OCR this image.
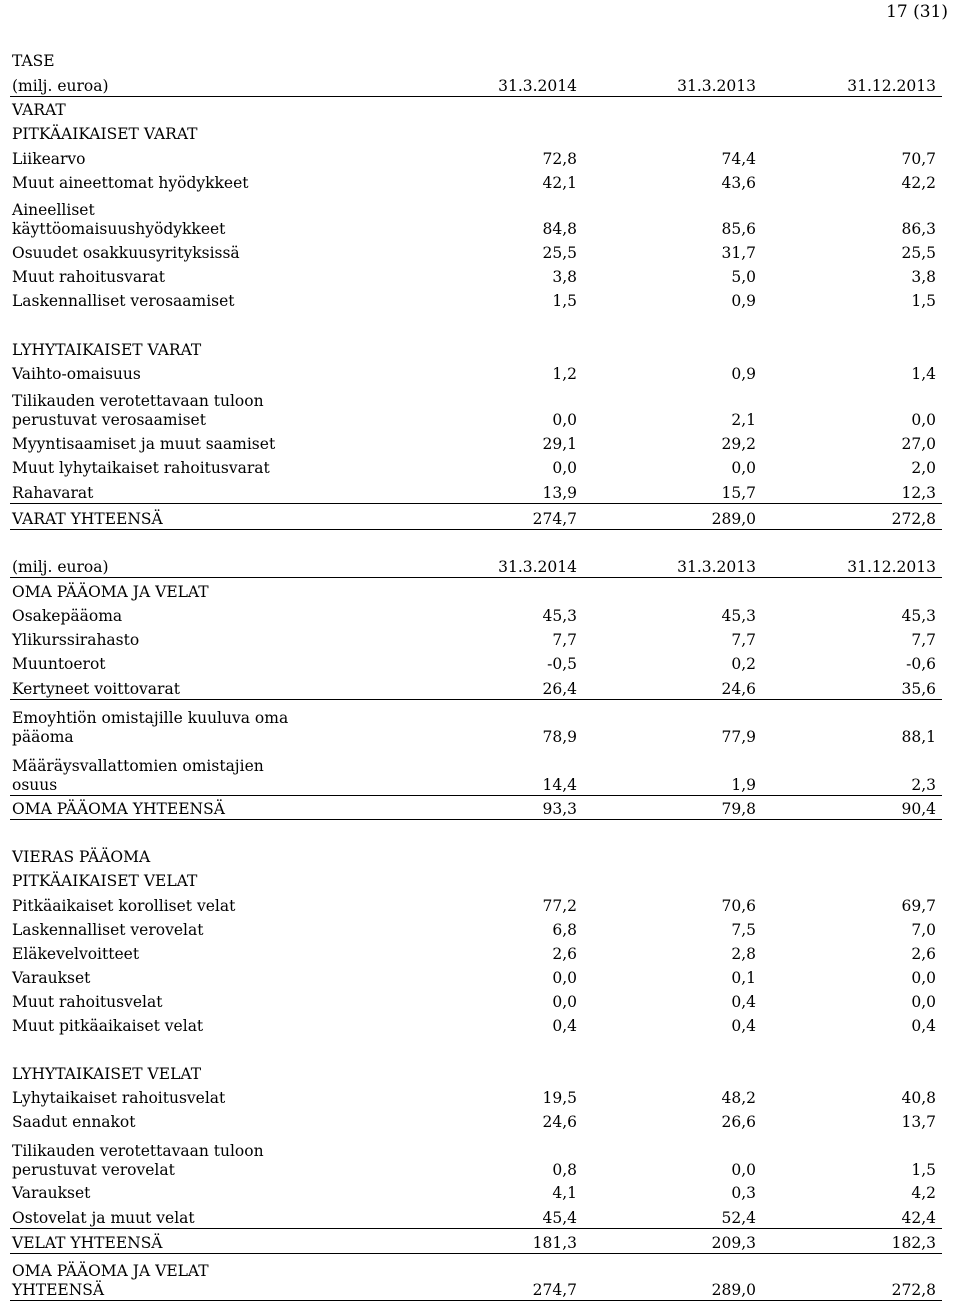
17 (31)
TASE
(milj. euroa)	31.3.2014	31.3.2013	31.12.2013
VARAT
PITKÄAIKAISET VARAT
Liikearvo	72,8	74,4	70,7
Muut aineettomat hyödykkeet	42,1	43,6	42,2
Aineelliset käyttöomaisuushyödykkeet	84,8	85,6	86,3
Osuudet osakkuusyrityksissä	25,5	31,7	25,5
Muut rahoitusvarat	3,8	5,0	3,8
Laskennalliset verosaamiset	1,5	0,9	1,5
LYHYTAIKAISET VARAT
Vaihto-omaisuus	1,2	0,9	1,4
Tilikauden verotettavaan tuloon perustuvat verosaamiset	0,0	2,1	0,0
Myyntisaamiset ja muut saamiset	29,1	29,2	27,0
Muut lyhytaikaiset rahoitusvarat	0,0	0,0	2,0
Rahavarat	13,9	15,7	12,3
VARAT YHTEENSÄ	274,7	289,0	272,8
(milj. euroa)	31.3.2014	31.3.2013	31.12.2013
OMA PÄÄOMA JA VELAT
Osakepääoma	45,3	45,3	45,3
Ylikurssirahasto	7,7	7,7	7,7
Muuntoerot	-0,5	0,2	-0,6
Kertyneet voittovarat	26,4	24,6	35,6
Emoyhtiön omistajille kuuluva oma pääoma	78,9	77,9	88,1
Määräysvallattomien omistajien osuus	14,4	1,9	2,3
OMA PÄÄOMA YHTEENSÄ	93,3	79,8	90,4
VIERAS PÄÄOMA
PITKÄAIKAISET VELAT
Pitkäaikaiset korolliset velat	77,2	70,6	69,7
Laskennalliset verovelat	6,8	7,5	7,0
Eläkevelvoitteet	2,6	2,8	2,6
Varaukset	0,0	0,1	0,0
Muut rahoitusvelat	0,0	0,4	0,0
Muut pitkäaikaiset velat	0,4	0,4	0,4
LYHYTAIKAISET VELAT
Lyhytaikaiset rahoitusvelat	19,5	48,2	40,8
Saadut ennakot	24,6	26,6	13,7
Tilikauden verotettavaan tuloon perustuvat verovelat	0,8	0,0	1,5
Varaukset	4,1	0,3	4,2
Ostovelat ja muut velat	45,4	52,4	42,4
VELAT YHTEENSÄ	181,3	209,3	182,3
OMA PÄÄOMA JA VELAT YHTEENSÄ	274,7	289,0	272,8
